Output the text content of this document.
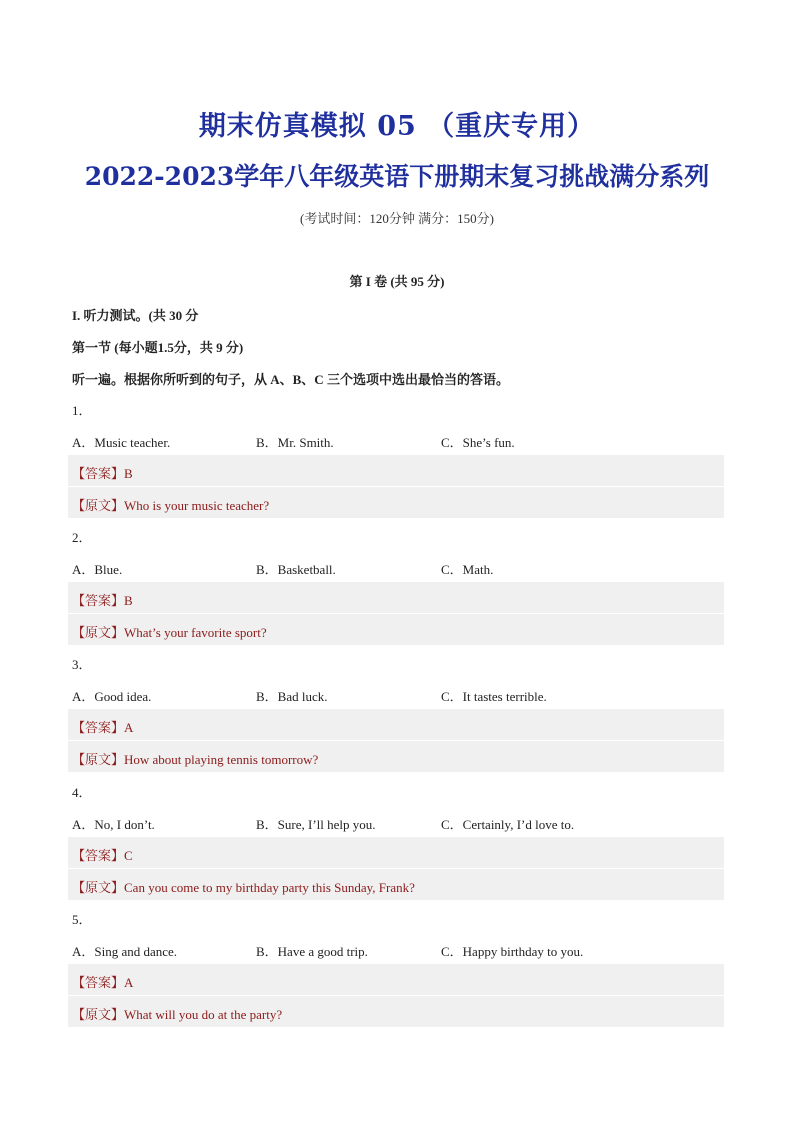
期末仿真模拟 05 （重庆专用）
2022-2023学年八年级英语下册期末复习挑战满分系列
(考试时间：120分钟 满分：150分)
第 I 卷 (共 95 分)
I. 听力测试。(共 30 分
第一节 (每小题1.5分，共 9 分)
听一遍。根据你所听到的句子，从 A、B、C 三个选项中选出最恰当的答语。
1．
A．Music teacher.	B．Mr. Smith.	C．She’s fun.
【答案】B
【原文】Who is your music teacher?
2．
A．Blue.	B．Basketball.	C．Math.
【答案】B
【原文】What’s your favorite sport?
3．
A．Good idea.	B．Bad luck.	C．It tastes terrible.
【答案】A
【原文】How about playing tennis tomorrow?
4．
A．No, I don’t.	B．Sure, I’ll help you.	C．Certainly, I’d love to.
【答案】C
【原文】Can you come to my birthday party this Sunday, Frank?
5．
A．Sing and dance.	B．Have a good trip.	C．Happy birthday to you.
【答案】A
【原文】What will you do at the party?
